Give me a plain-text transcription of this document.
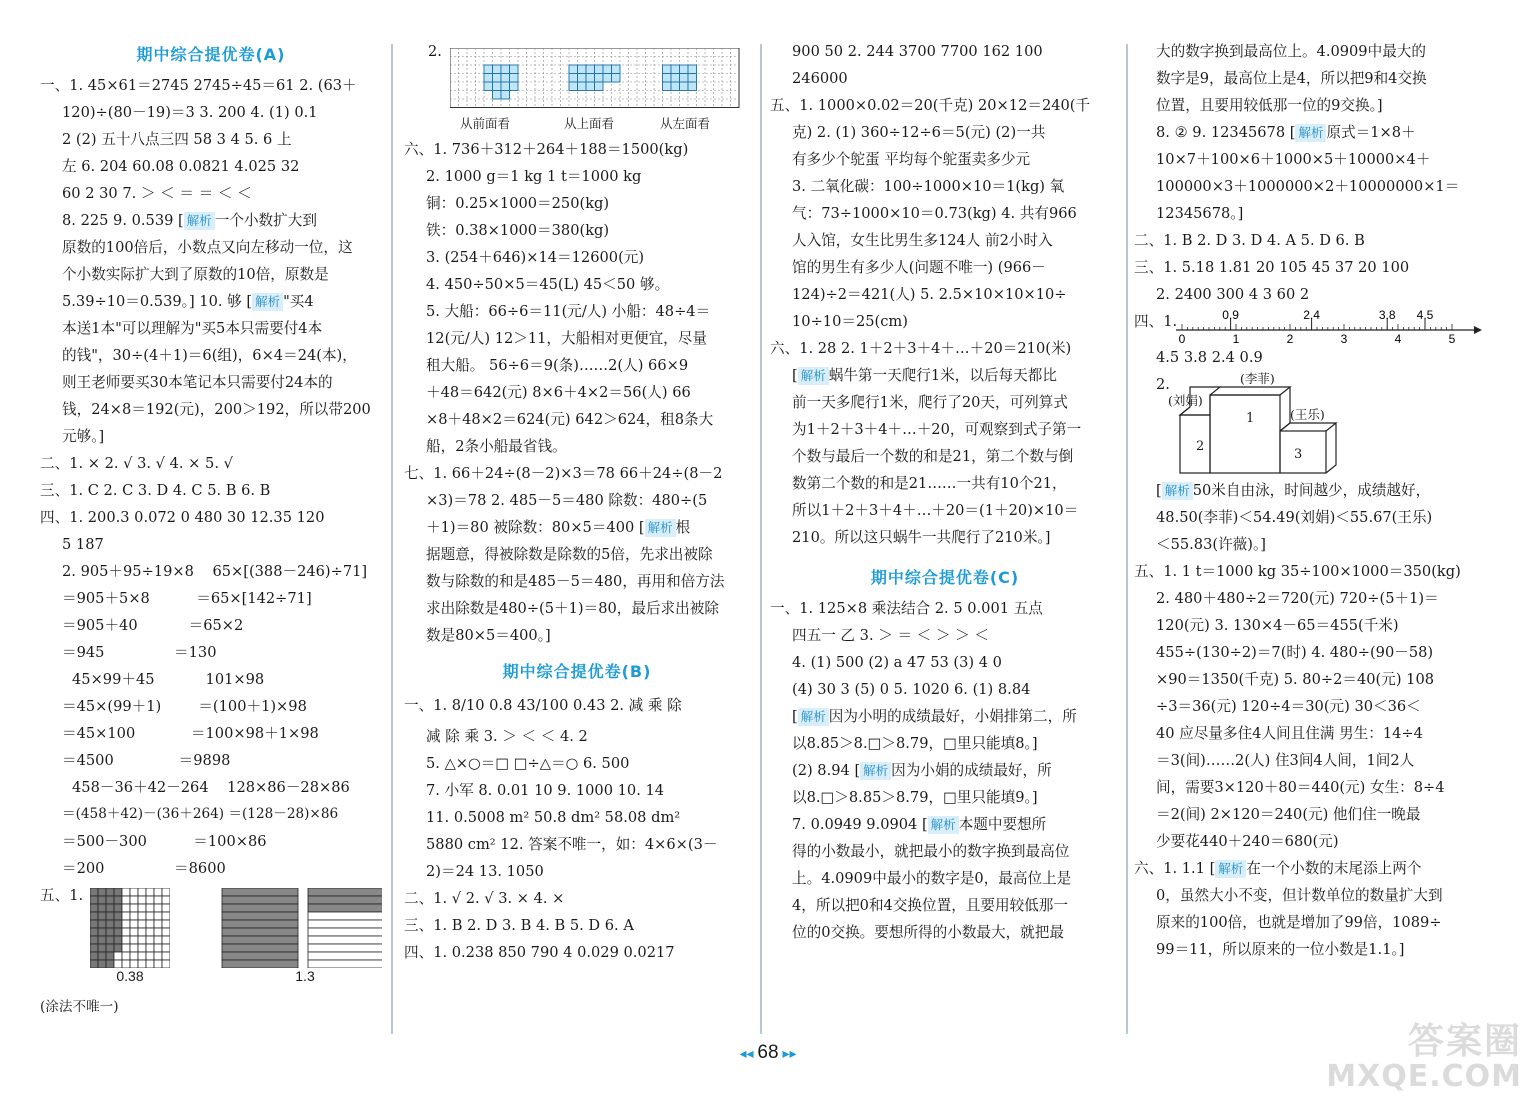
期中综合提优卷(A)
一、1. 45×61＝2745 2745÷45＝61 2. (63＋
120)÷(80－19)＝3 3. 200 4. (1) 0.1
2 (2) 五十八点三四 58 3 4 5. 6 上
左 6. 204 60.08 0.0821 4.025 32
60 2 30 7. ＞ ＜ ＝ ＝ ＜ ＜
8. 225 9. 0.539 [ 解析 一个小数扩大到
原数的100倍后，小数点又向左移动一位，这
个小数实际扩大到了原数的10倍，原数是
5.39÷10＝0.539。] 10. 够 [ 解析 "买4
本送1本"可以理解为"买5本只需要付4本
的钱"，30÷(4＋1)＝6(组)，6×4＝24(本)，
则王老师要买30本笔记本只需要付24本的
钱，24×8＝192(元)，200＞192，所以带200
元够。]
二、1. × 2. √ 3. √ 4. × 5. √
三、1. C 2. C 3. D 4. C 5. B 6. B
四、1. 200.3 0.072 0 480 30 12.35 120
5 187
2. 905＋95÷19×8    65×[(388－246)÷71]
＝905＋5×8          ＝65×[142÷71]
＝905＋40           ＝65×2
＝945               ＝130
45×99＋45           101×98
＝45×(99＋1)        ＝(100＋1)×98
＝45×100            ＝100×98＋1×98
＝4500              ＝9898
458－36＋42－264    128×86－28×86
＝(458＋42)－(36＋264) ＝(128－28)×86
＝500－300          ＝100×86
＝200               ＝8600
五、1.
0.38	1.3
(涂法不唯一)
2.
从前面看	从上面看	从左面看
六、1. 736＋312＋264＋188＝1500(kg)
2. 1000 g＝1 kg 1 t＝1000 kg
铜：0.25×1000＝250(kg)
铁：0.38×1000＝380(kg)
3. (254＋646)×14＝12600(元)
4. 450÷50×5＝45(L) 45＜50 够。
5. 大船：66÷6＝11(元/人) 小船：48÷4＝
12(元/人) 12＞11，大船相对更便宜，尽量
租大船。 56÷6＝9(条)……2(人) 66×9
＋48＝642(元) 8×6＋4×2＝56(人) 66
×8＋48×2＝624(元) 642＞624，租8条大
船，2条小船最省钱。
七、1. 66＋24÷(8－2)×3＝78 66＋24÷(8－2
×3)＝78 2. 485－5＝480 除数：480÷(5
＋1)＝80 被除数：80×5＝400 [ 解析 根
据题意，得被除数是除数的5倍，先求出被除
数与除数的和是485－5＝480，再用和倍方法
求出除数是480÷(5＋1)＝80，最后求出被除
数是80×5＝400。]
期中综合提优卷(B)
一、1. 8/10 0.8 43/100 0.43 2. 减 乘 除
减 除 乘 3. ＞ ＜ ＜ 4. 2
5. △×○＝□ □÷△＝○ 6. 500
7. 小军 8. 0.01 10 9. 1000 10. 14
11. 0.5008 m² 50.8 dm² 58.08 dm²
5880 cm² 12. 答案不唯一，如：4×6×(3－
2)＝24 13. 1050
二、1. √ 2. √ 3. × 4. ×
三、1. B 2. D 3. B 4. B 5. D 6. A
四、1. 0.238 850 790 4 0.029 0.0217
900 50 2. 244 3700 7700 162 100
246000
五、1. 1000×0.02＝20(千克) 20×12＝240(千
克) 2. (1) 360÷12÷6＝5(元) (2)一共
有多少个鸵蛋 平均每个鸵蛋卖多少元
3. 二氧化碳：100÷1000×10＝1(kg) 氧
气：73÷1000×10＝0.73(kg) 4. 共有966
人入馆，女生比男生多124人 前2小时入
馆的男生有多少人(问题不唯一) (966－
124)÷2＝421(人) 5. 2.5×10×10×10÷
10÷10＝25(cm)
六、1. 28 2. 1＋2＋3＋4＋…＋20＝210(米)
[ 解析 蜗牛第一天爬行1米，以后每天都比
前一天多爬行1米，爬行了20天，可列算式
为1＋2＋3＋4＋…＋20，可观察到式子第一
个数与最后一个数的和是21，第二个数与倒
数第二个数的和是21……一共有10个21，
所以1＋2＋3＋4＋…＋20＝(1＋20)×10＝
210。所以这只蜗牛一共爬行了210米。]
期中综合提优卷(C)
一、1. 125×8 乘法结合 2. 5 0.001 五点
四五一 乙 3. ＞ ＝ ＜ ＞ ＞ ＜
4. (1) 500 (2) a 47 53 (3) 4 0
(4) 30 3 (5) 0 5. 1020 6. (1) 8.84
[ 解析 因为小明的成绩最好，小娟排第二，所
以8.85＞8.□＞8.79，□里只能填8。]
(2) 8.94 [ 解析 因为小娟的成绩最好，所
以8.□＞8.85＞8.79，□里只能填9。]
7. 0.0949 9.0904 [ 解析 本题中要想所
得的小数最小，就把最小的数字换到最高位
上。4.0909中最小的数字是0，最高位上是
4，所以把0和4交换位置，且要用较低那一
位的0交换。要想所得的小数最大，就把最
大的数字换到最高位上。4.0909中最大的
数字是9，最高位上是4，所以把9和4交换
位置，且要用较低那一位的9交换。]
8. ② 9. 12345678 [ 解析 原式＝1×8＋
10×7＋100×6＋1000×5＋10000×4＋
100000×3＋1000000×2＋10000000×1＝
12345678。]
二、1. B 2. D 3. D 4. A 5. D 6. B
三、1. 5.18 1.81 20 105 45 37 20 100
2. 2400 300 4 3 60 2
四、1.
0	1	2	3	4	5
0.9	2.4	3.8 4.5
4.5 3.8 2.4 0.9
2.	(李菲)
(刘娟)
(王乐)
1
2
3
[ 解析 50米自由泳，时间越少，成绩越好，
48.50(李菲)＜54.49(刘娟)＜55.67(王乐)
＜55.83(许薇)。]
五、1. 1 t＝1000 kg 35÷100×1000＝350(kg)
2. 480＋480÷2＝720(元) 720÷(5＋1)＝
120(元) 3. 130×4－65＝455(千米)
455÷(130÷2)＝7(时) 4. 480÷(90－58)
×90＝1350(千克) 5. 80÷2＝40(元) 108
÷3＝36(元) 120÷4＝30(元) 30＜36＜
40 应尽量多住4人间且住满 男生：14÷4
＝3(间)……2(人) 住3间4人间，1间2人
间，需要3×120＋80＝440(元) 女生：8÷4
＝2(间) 2×120＝240(元) 他们住一晚最
少要花440＋240＝680(元)
六、1. 1.1 [ 解析 在一个小数的末尾添上两个
0，虽然大小不变，但计数单位的数量扩大到
原来的100倍，也就是增加了99倍，1089÷
99＝11，所以原来的一位小数是1.1。]
◂◂ 68 ▸▸	答案圈
MXQE.COM
